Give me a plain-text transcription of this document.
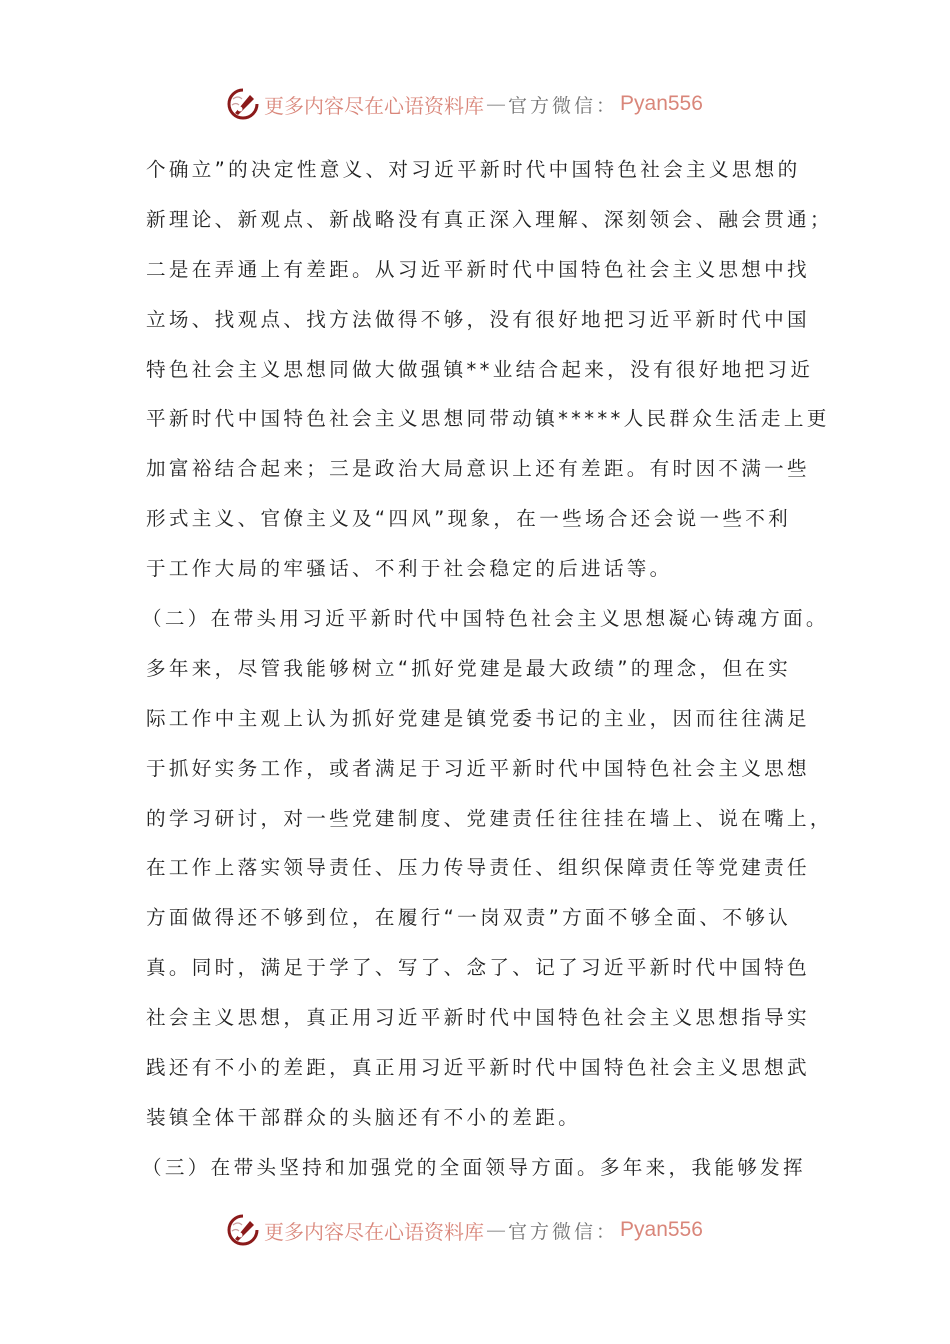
更多内容尽在心语资料库 — 官方微信： Pyan556
个确立”的决定性意义、对习近平新时代中国特色社会主义思想的
新理论、新观点、新战略没有真正深入理解、深刻领会、融会贯通；
二是在弄通上有差距。从习近平新时代中国特色社会主义思想中找
立场、找观点、找方法做得不够，没有很好地把习近平新时代中国
特色社会主义思想同做大做强镇**业结合起来，没有很好地把习近
平新时代中国特色社会主义思想同带动镇*****人民群众生活走上更
加富裕结合起来；三是政治大局意识上还有差距。有时因不满一些
形式主义、官僚主义及“四风”现象，在一些场合还会说一些不利
于工作大局的牢骚话、不利于社会稳定的后进话等。
（二）在带头用习近平新时代中国特色社会主义思想凝心铸魂方面。
多年来，尽管我能够树立“抓好党建是最大政绩”的理念，但在实
际工作中主观上认为抓好党建是镇党委书记的主业，因而往往满足
于抓好实务工作，或者满足于习近平新时代中国特色社会主义思想
的学习研讨，对一些党建制度、党建责任往往挂在墙上、说在嘴上，
在工作上落实领导责任、压力传导责任、组织保障责任等党建责任
方面做得还不够到位，在履行“一岗双责”方面不够全面、不够认
真。同时，满足于学了、写了、念了、记了习近平新时代中国特色
社会主义思想，真正用习近平新时代中国特色社会主义思想指导实
践还有不小的差距，真正用习近平新时代中国特色社会主义思想武
装镇全体干部群众的头脑还有不小的差距。
（三）在带头坚持和加强党的全面领导方面。多年来，我能够发挥
更多内容尽在心语资料库 — 官方微信： Pyan556
